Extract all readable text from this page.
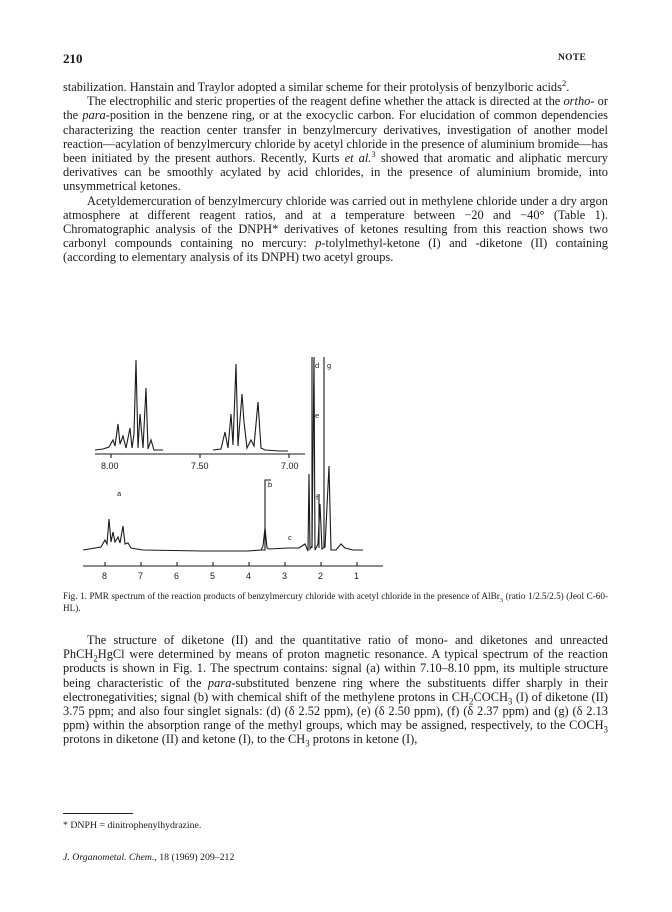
210	NOTE

stabilization. Hanstain and Traylor adopted a similar scheme for their protolysis of benzylboric acids$^2$.

The electrophilic and steric properties of the reagent define whether the attack is directed at the ortho- or the para-position in the benzene ring, or at the exocyclic carbon. For elucidation of common dependencies characterizing the reaction center transfer in benzylmercury derivatives, investigation of another model reaction—acylation of benzylmercury chloride by acetyl chloride in the presence of aluminium bromide—has been initiated by the present authors. Recently, Kurts et al.$^3$ showed that aromatic and aliphatic mercury derivatives can be smoothly acylated by acid chlorides, in the presence of aluminium bromide, into unsymmetrical ketones.

Acetyldemercuration of benzylmercury chloride was carried out in methylene chloride under a dry argon atmosphere at different reagent ratios, and at a temperature between −20 and −40° (Table 1). Chromatographic analysis of the DNPH* derivatives of ketones resulting from this reaction shows two carbonyl compounds containing no mercury: p-tolylmethyl-ketone (I) and -diketone (II) containing (according to elementary analysis of its DNPH) two acetyl groups.

8.00	7.50	7.00
8	7	6	5	4	3	2	1
a
b
c
d
e
f
g
Fig. 1. PMR spectrum of the reaction products of benzylmercury chloride with acetyl chloride in the presence of AlBr$_3$ (ratio 1/2.5/2.5) (Jeol C-60-HL).

The structure of diketone (II) and the quantitative ratio of mono- and diketones and unreacted PhCH$_2$HgCl were determined by means of proton magnetic resonance. A typical spectrum of the reaction products is shown in Fig. 1. The spectrum contains: signal (a) within 7.10–8.10 ppm, its multiple structure being characteristic of the para-substituted benzene ring where the substituents differ sharply in their electronegativities; signal (b) with chemical shift of the methylene protons in $CH_2COCH_3$ (I) of diketone (II) 3.75 ppm; and also four singlet signals: (d) (δ 2.52 ppm), (e) (δ 2.50 ppm), (f) (δ 2.37 ppm) and (g) (δ 2.13 ppm) within the absorption range of the methyl groups, which may be assigned, respectively, to the $COCH_3$ protons in diketone (II) and ketone (I), to the $CH_3$ protons in ketone (I),

* DNPH = dinitrophenylhydrazine.
J. Organometal. Chem., 18 (1969) 209–212
